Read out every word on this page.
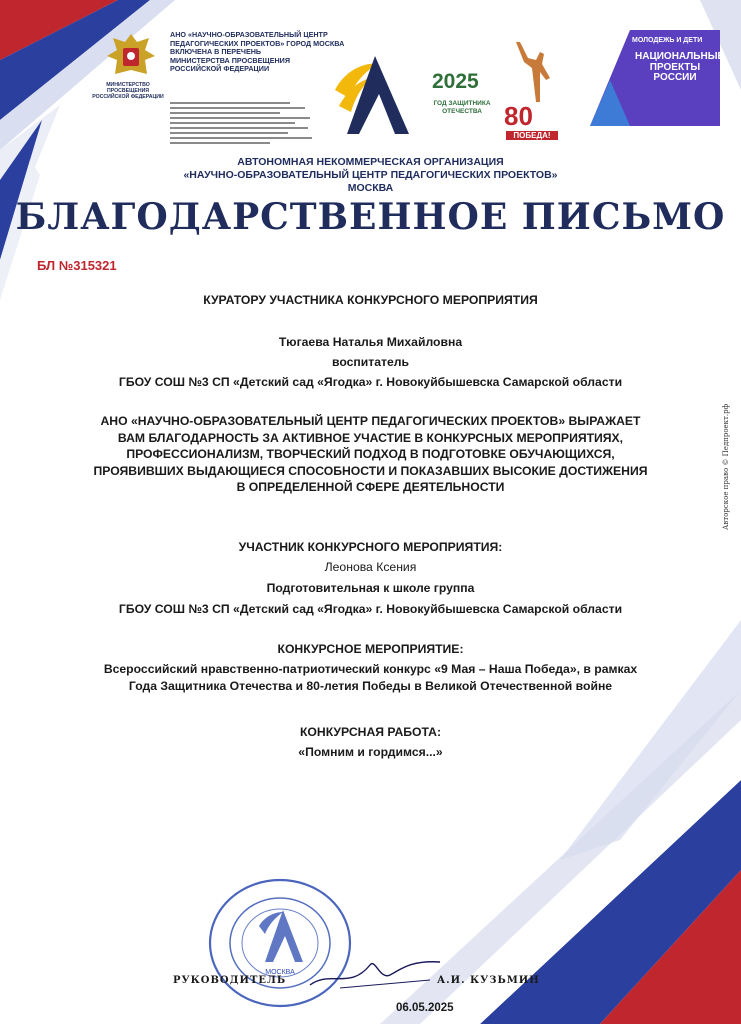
МИНИСТЕРСТВО ПРОСВЕЩЕНИЯ РОССИЙСКОЙ ФЕДЕРАЦИИ
АНО «НАУЧНО-ОБРАЗОВАТЕЛЬНЫЙ ЦЕНТР
ПЕДАГОГИЧЕСКИХ ПРОЕКТОВ» ГОРОД МОСКВА
ВКЛЮЧЕНА В ПЕРЕЧЕНЬ
МИНИСТЕРСТВА ПРОСВЕЩЕНИЯ
РОССИЙСКОЙ ФЕДЕРАЦИИ
2025
ГОД ЗАЩИТНИКА ОТЕЧЕСТВА 80
ПОБЕДА!
МОЛОДЕЖЬ И ДЕТИ
НАЦИОНАЛЬНЫЕ ПРОЕКТЫ РОССИИ
АВТОНОМНАЯ НЕКОММЕРЧЕСКАЯ ОРГАНИЗАЦИЯ
«НАУЧНО-ОБРАЗОВАТЕЛЬНЫЙ ЦЕНТР ПЕДАГОГИЧЕСКИХ ПРОЕКТОВ»
МОСКВА
БЛАГОДАРСТВЕННОЕ ПИСЬМО
БЛ №315321
КУРАТОРУ УЧАСТНИКА КОНКУРСНОГО МЕРОПРИЯТИЯ
Тюгаева Наталья Михайловна
воспитатель
ГБОУ СОШ №3 СП «Детский сад «Ягодка» г. Новокуйбышевска Самарской области
АНО «НАУЧНО-ОБРАЗОВАТЕЛЬНЫЙ ЦЕНТР ПЕДАГОГИЧЕСКИХ ПРОЕКТОВ» ВЫРАЖАЕТ
ВАМ БЛАГОДАРНОСТЬ ЗА АКТИВНОЕ УЧАСТИЕ В КОНКУРСНЫХ МЕРОПРИЯТИЯХ,
ПРОФЕССИОНАЛИЗМ, ТВОРЧЕСКИЙ ПОДХОД В ПОДГОТОВКЕ ОБУЧАЮЩИХСЯ,
ПРОЯВИВШИХ ВЫДАЮЩИЕСЯ СПОСОБНОСТИ И ПОКАЗАВШИХ ВЫСОКИЕ ДОСТИЖЕНИЯ
В ОПРЕДЕЛЕННОЙ СФЕРЕ ДЕЯТЕЛЬНОСТИ
УЧАСТНИК КОНКУРСНОГО МЕРОПРИЯТИЯ:
Леонова Ксения
Подготовительная к школе группа
ГБОУ СОШ №3 СП «Детский сад «Ягодка» г. Новокуйбышевска Самарской области
КОНКУРСНОЕ МЕРОПРИЯТИЕ:
Всероссийский нравственно-патриотический конкурс «9 Мая – Наша Победа», в рамках
Года Защитника Отечества и 80-летия Победы в Великой Отечественной войне
КОНКУРСНАЯ РАБОТА:
«Помним и гордимся...»
Авторское право © Педпроект.рф
МОСКВА
РУКОВОДИТЕЛЬ	А.И. КУЗЬМИН
06.05.2025
